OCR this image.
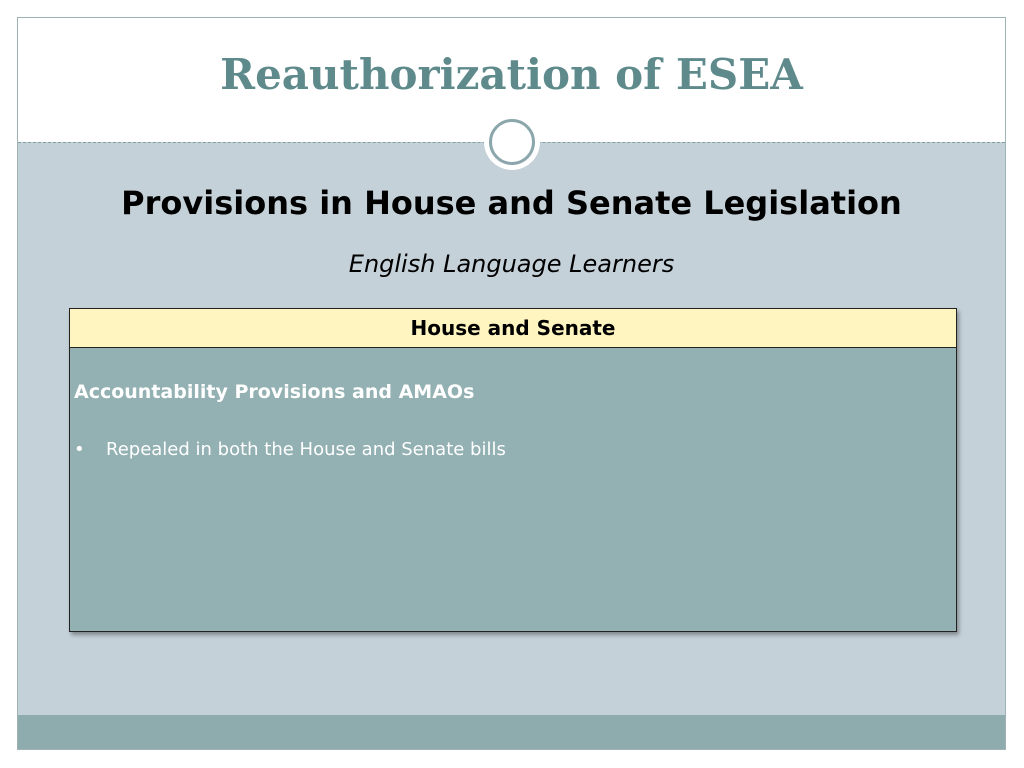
Reauthorization of ESEA
Provisions in House and Senate Legislation
English Language Learners
House and Senate
Accountability Provisions and AMAOs
•	Repealed in both the House and Senate bills
